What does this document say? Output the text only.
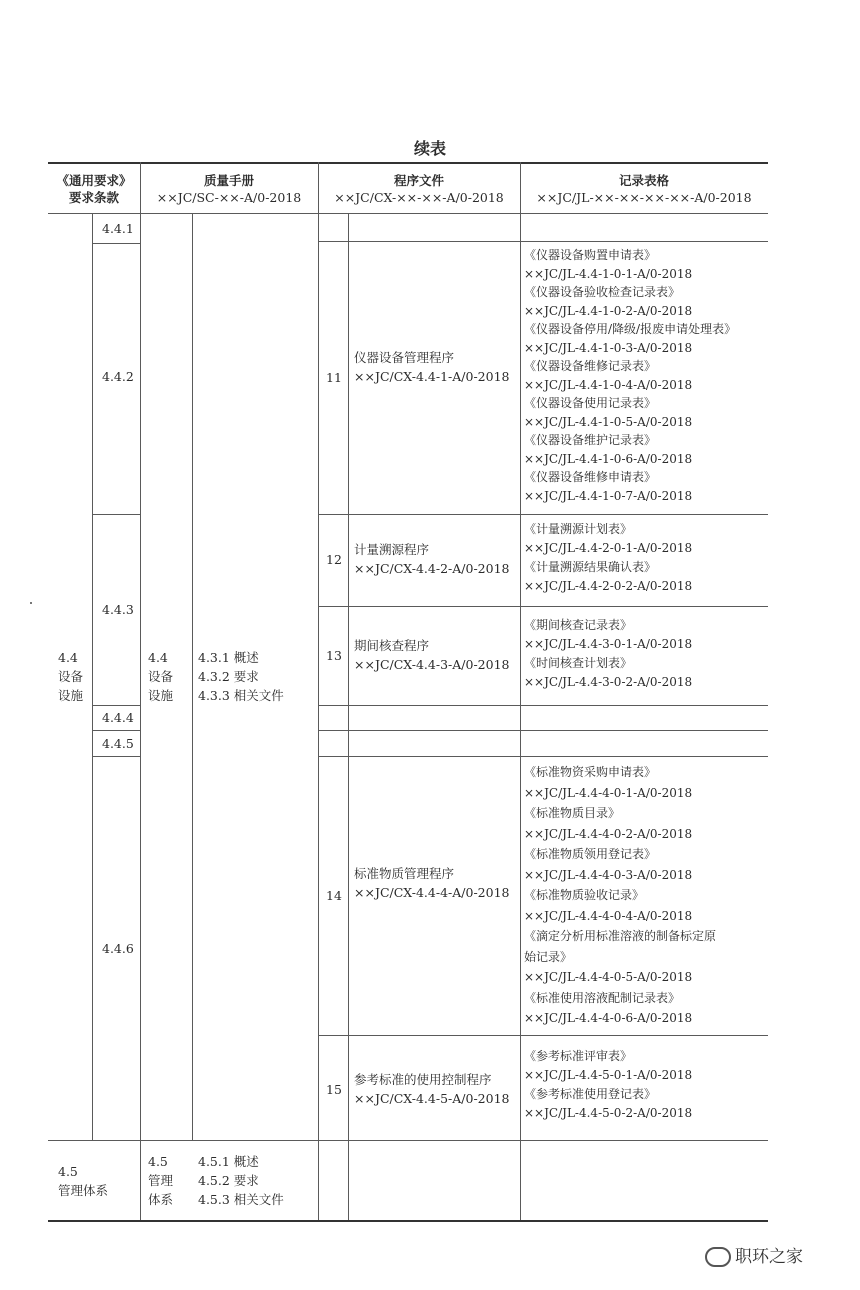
续表
《通用要求》
要求条款
质量手册
××JC/SC-××-A/0-2018
程序文件
××JC/CX-××-××-A/0-2018
记录表格
××JC/JL-××-××-××-××-A/0-2018
4.4
设备
设施
4.4.1
4.4.2
4.4.3
4.4.4
4.4.5
4.4.6
4.4
设备
设施
4.3.1 概述
4.3.2 要求
4.3.3 相关文件
11
仪器设备管理程序
××JC/CX-4.4-1-A/0-2018
《仪器设备购置申请表》
××JC/JL-4.4-1-0-1-A/0-2018
《仪器设备验收检查记录表》
××JC/JL-4.4-1-0-2-A/0-2018
《仪器设备停用/降级/报废申请处理表》
××JC/JL-4.4-1-0-3-A/0-2018
《仪器设备维修记录表》
××JC/JL-4.4-1-0-4-A/0-2018
《仪器设备使用记录表》
××JC/JL-4.4-1-0-5-A/0-2018
《仪器设备维护记录表》
××JC/JL-4.4-1-0-6-A/0-2018
《仪器设备维修申请表》
××JC/JL-4.4-1-0-7-A/0-2018
12
计量溯源程序
××JC/CX-4.4-2-A/0-2018
《计量溯源计划表》
××JC/JL-4.4-2-0-1-A/0-2018
《计量溯源结果确认表》
××JC/JL-4.4-2-0-2-A/0-2018
13
期间核查程序
××JC/CX-4.4-3-A/0-2018
《期间核查记录表》
××JC/JL-4.4-3-0-1-A/0-2018
《时间核查计划表》
××JC/JL-4.4-3-0-2-A/0-2018
14
标准物质管理程序
××JC/CX-4.4-4-A/0-2018
《标准物资采购申请表》
××JC/JL-4.4-4-0-1-A/0-2018
《标准物质目录》
××JC/JL-4.4-4-0-2-A/0-2018
《标准物质领用登记表》
××JC/JL-4.4-4-0-3-A/0-2018
《标准物质验收记录》
××JC/JL-4.4-4-0-4-A/0-2018
《滴定分析用标准溶液的制备标定原
始记录》
××JC/JL-4.4-4-0-5-A/0-2018
《标准使用溶液配制记录表》
××JC/JL-4.4-4-0-6-A/0-2018
15
参考标准的使用控制程序
××JC/CX-4.4-5-A/0-2018
《参考标准评审表》
××JC/JL-4.4-5-0-1-A/0-2018
《参考标准使用登记表》
××JC/JL-4.4-5-0-2-A/0-2018
4.5
管理体系
4.5
管理
体系
4.5.1 概述
4.5.2 要求
4.5.3 相关文件
职环之家
